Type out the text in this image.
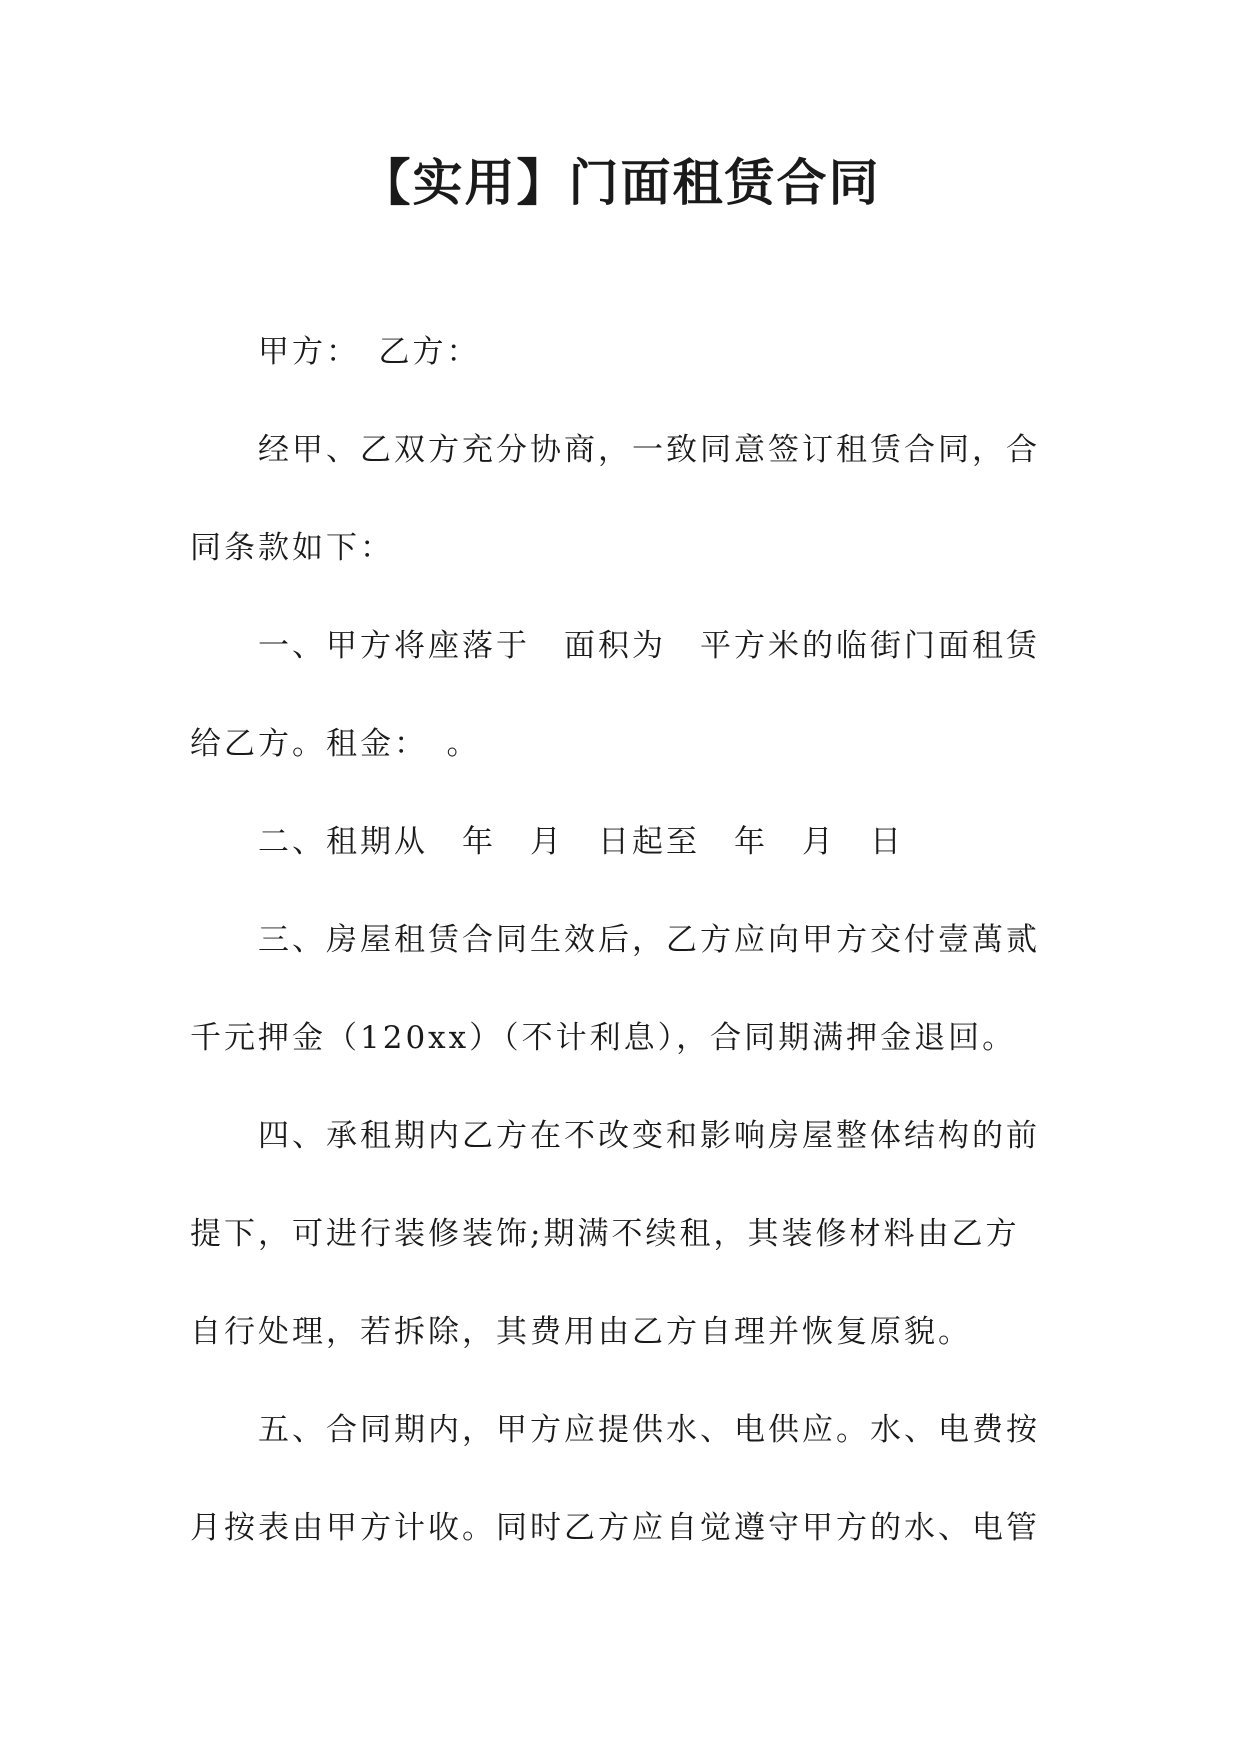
【实用】门面租赁合同

甲方：　乙方：

经甲、乙双方充分协商，一致同意签订租赁合同，合同条款如下：

一、甲方将座落于　面积为　平方米的临街门面租赁给乙方。租金：　。

二、租期从　年　月　日起至　年　月　日

三、房屋租赁合同生效后，乙方应向甲方交付壹萬贰千元押金（120xx）（不计利息），合同期满押金退回。

四、承租期内乙方在不改变和影响房屋整体结构的前提下，可进行装修装饰;期满不续租，其装修材料由乙方自行处理，若拆除，其费用由乙方自理并恢复原貌。

五、合同期内，甲方应提供水、电供应。水、电费按月按表由甲方计收。同时乙方应自觉遵守甲方的水、电管
